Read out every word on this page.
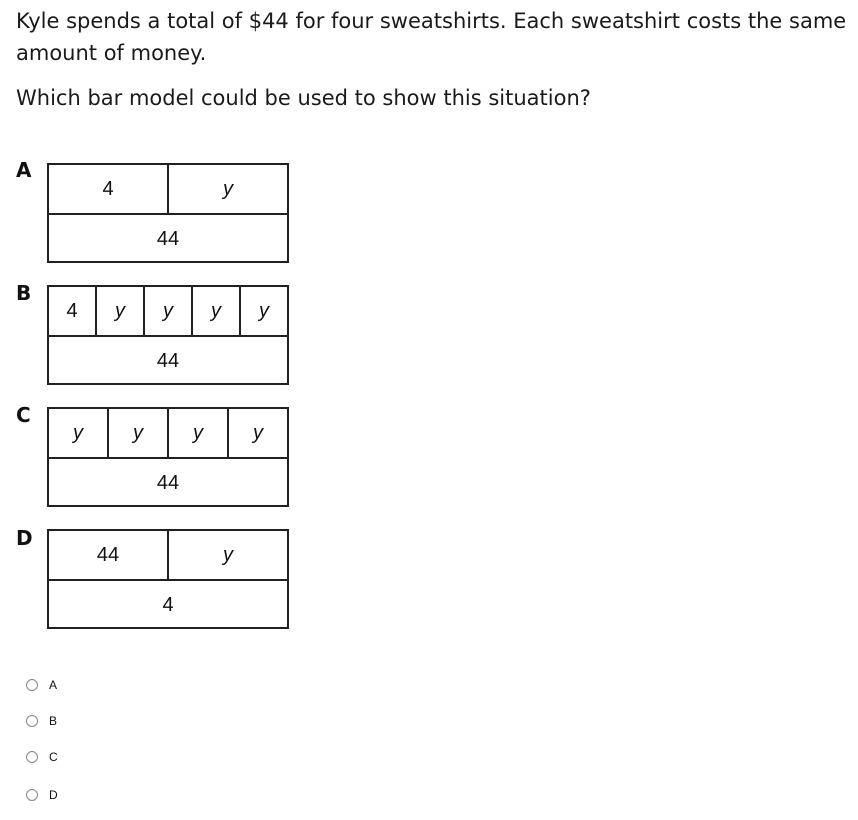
Kyle spends a total of $44 for four sweatshirts. Each sweatshirt costs the same
amount of money.
Which bar model could be used to show this situation?
A
4	y
44
B
4	y	y	y	y
44
C
y	y	y	y
44
D
44	y
4
A
B
C
D
